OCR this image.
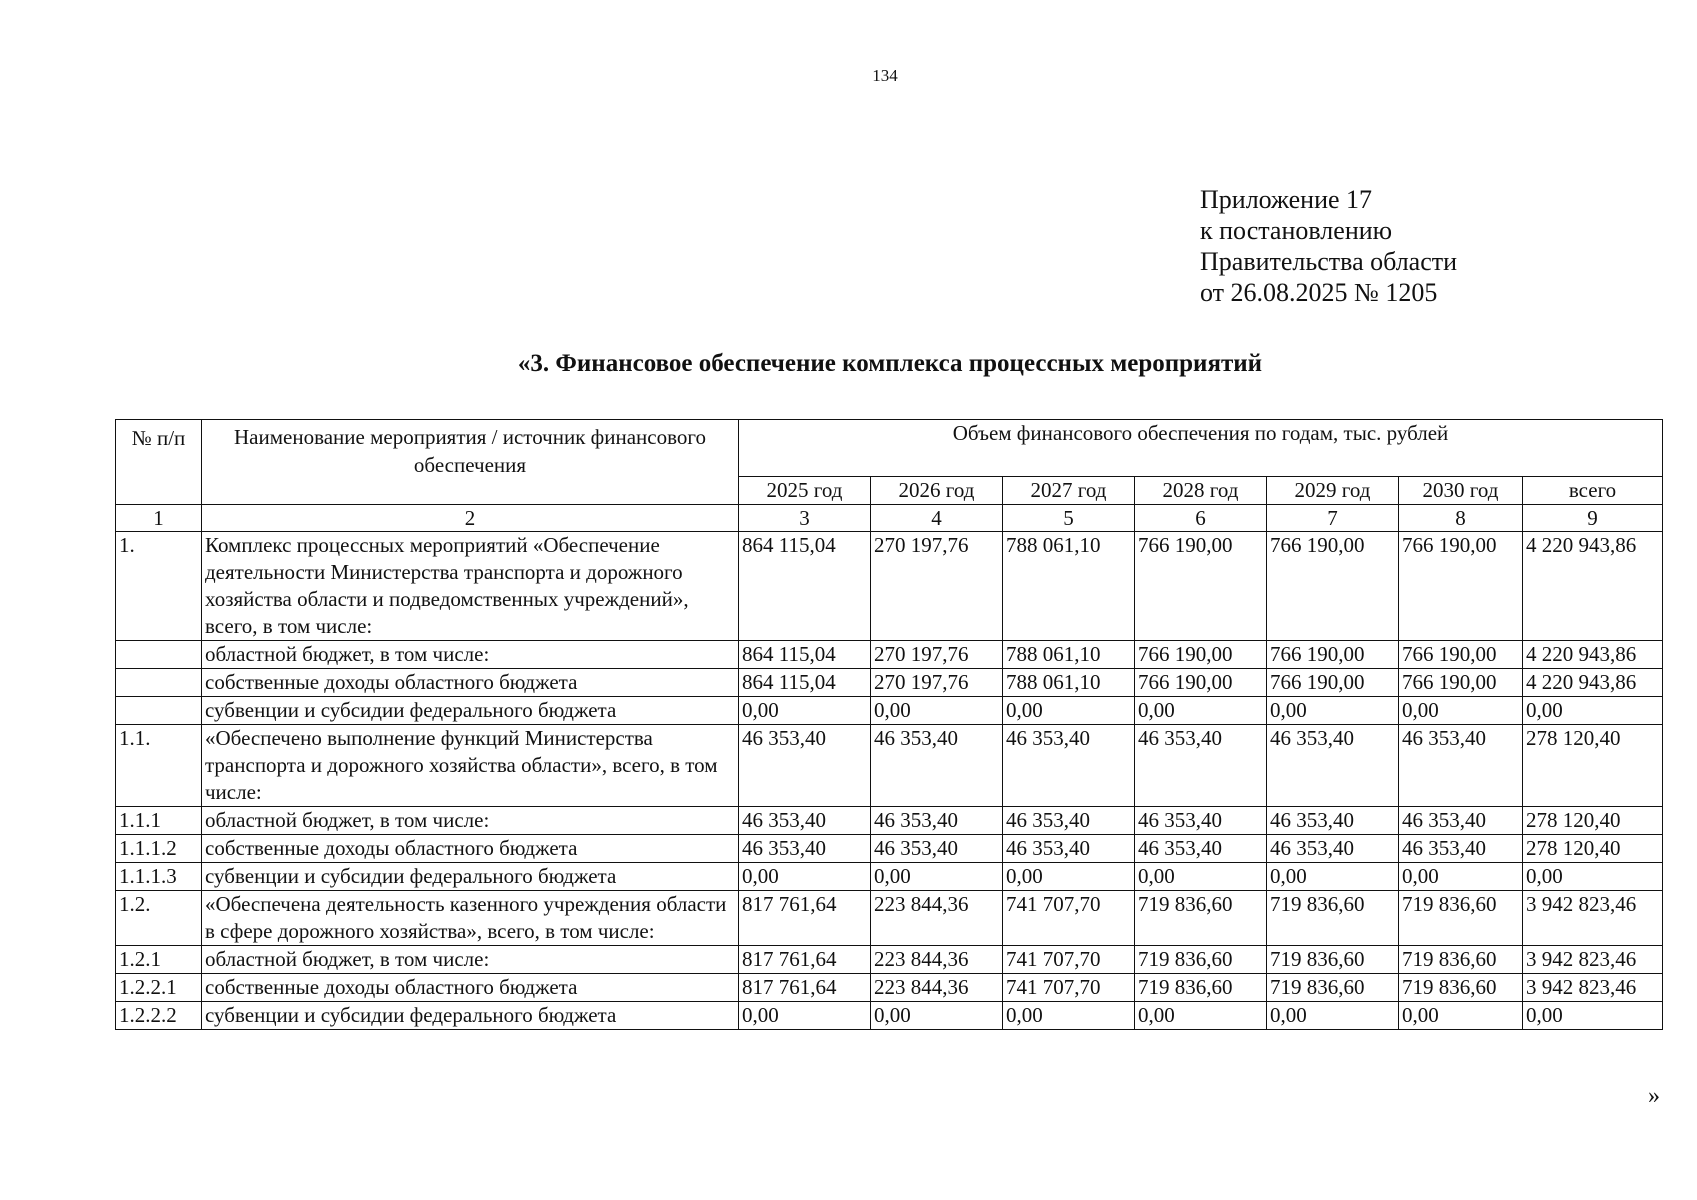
134
Приложение 17
к постановлению
Правительства области
от 26.08.2025 № 1205
«3. Финансовое обеспечение комплекса процессных мероприятий
№ п/п	Наименование мероприятия / источник финансового обеспечения	Объем финансового обеспечения по годам, тыс. рублей						
		2025 год	2026 год	2027 год	2028 год	2029 год	2030 год	всего
1	2	3	4	5	6	7	8	9
1.	Комплекс процессных мероприятий «Обеспечение деятельности Министерства транспорта и дорожного хозяйства области и подведомственных учреждений», всего, в том числе:	864 115,04	270 197,76	788 061,10	766 190,00	766 190,00	766 190,00	4 220 943,86
	областной бюджет, в том числе:	864 115,04	270 197,76	788 061,10	766 190,00	766 190,00	766 190,00	4 220 943,86
	собственные доходы областного бюджета	864 115,04	270 197,76	788 061,10	766 190,00	766 190,00	766 190,00	4 220 943,86
	субвенции и субсидии федерального бюджета	0,00	0,00	0,00	0,00	0,00	0,00	0,00
1.1.	«Обеспечено выполнение функций Министерства транспорта и дорожного хозяйства области», всего, в том числе:	46 353,40	46 353,40	46 353,40	46 353,40	46 353,40	46 353,40	278 120,40
1.1.1	областной бюджет, в том числе:	46 353,40	46 353,40	46 353,40	46 353,40	46 353,40	46 353,40	278 120,40
1.1.1.2	собственные доходы областного бюджета	46 353,40	46 353,40	46 353,40	46 353,40	46 353,40	46 353,40	278 120,40
1.1.1.3	субвенции и субсидии федерального бюджета	0,00	0,00	0,00	0,00	0,00	0,00	0,00
1.2.	«Обеспечена деятельность казенного учреждения области в сфере дорожного хозяйства», всего, в том числе:	817 761,64	223 844,36	741 707,70	719 836,60	719 836,60	719 836,60	3 942 823,46
1.2.1	областной бюджет, в том числе:	817 761,64	223 844,36	741 707,70	719 836,60	719 836,60	719 836,60	3 942 823,46
1.2.2.1	собственные доходы областного бюджета	817 761,64	223 844,36	741 707,70	719 836,60	719 836,60	719 836,60	3 942 823,46
1.2.2.2	субвенции и субсидии федерального бюджета	0,00	0,00	0,00	0,00	0,00	0,00	0,00
»
